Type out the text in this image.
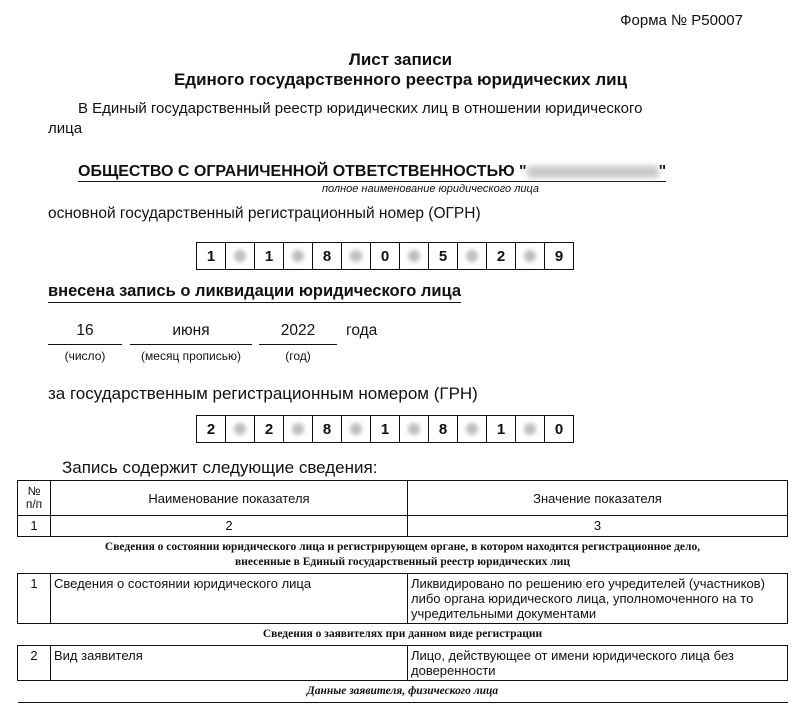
Форма № Р50007
Лист записи
Единого государственного реестра юридических лиц
В Единый государственный реестр юридических лиц в отношении юридического
лица
ОБЩЕСТВО С ОГРАНИЧЕННОЙ ОТВЕТСТВЕННОСТЬЮ "	"
полное наименование юридического лица
основной государственный регистрационный номер (ОГРН)
1	1	8	0	5	2	9
внесена запись о ликвидации юридического лица
16	июня	2022	года
(число)	(месяц прописью)	(год)
за государственным регистрационным номером (ГРН)
2	2	8	1	8	1	0
Запись содержит следующие сведения:
№ п/п	Наименование показателя	Значение показателя
1	2	3
Сведения о состоянии юридического лица и регистрирующем органе, в котором находится регистрационное дело, внесенные в Единый государственный реестр юридических лиц		
1	Сведения о состоянии юридического лица	Ликвидировано по решению его учредителей (участников) либо органа юридического лица, уполномоченного на то учредительными документами
Сведения о заявителях при данном виде регистрации		
2	Вид заявителя	Лицо, действующее от имени юридического лица без доверенности
Данные заявителя, физического лица		
